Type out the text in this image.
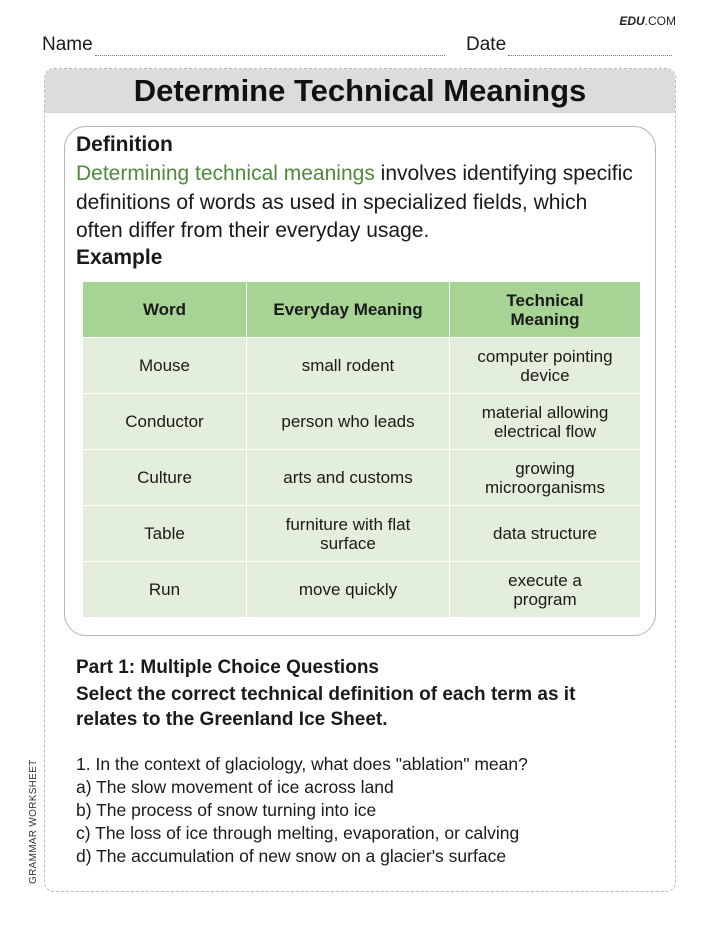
EDU.COM
Name	Date
GRAMMAR WORKSHEET
Determine Technical Meanings
Definition
Determining technical meanings involves identifying specific definitions of words as used in specialized fields, which often differ from their everyday usage.
Example
Word	Everyday Meaning	Technical Meaning
Mouse	small rodent	computer pointing device
Conductor	person who leads	material allowing electrical flow
Culture	arts and customs	growing microorganisms
Table	furniture with flat surface	data structure
Run	move quickly	execute a program
Part 1: Multiple Choice Questions
Select the correct technical definition of each term as it relates to the Greenland Ice Sheet.
1. In the context of glaciology, what does "ablation" mean?
a) The slow movement of ice across land
b) The process of snow turning into ice
c) The loss of ice through melting, evaporation, or calving
d) The accumulation of new snow on a glacier's surface
